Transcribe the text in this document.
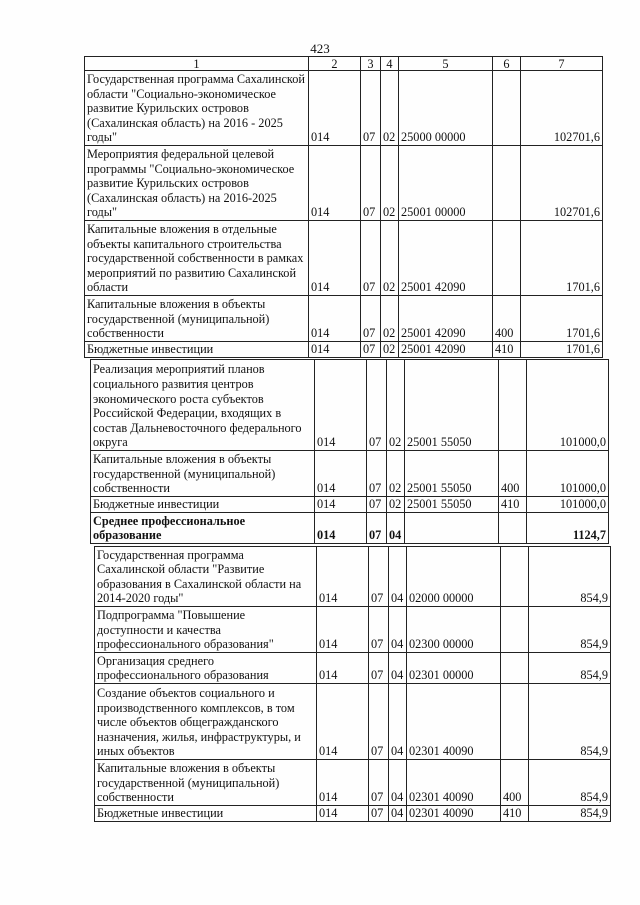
423
1	2	3	4	5	6	7
Государственная программа Сахалинской области "Социально-экономическое развитие Курильских островов (Сахалинская область) на 2016 - 2025 годы"	014	07	02	25000 00000		102701,6
Мероприятия федеральной целевой программы "Социально-экономическое развитие Курильских островов (Сахалинская область) на 2016-2025 годы"	014	07	02	25001 00000		102701,6
Капитальные вложения в отдельные объекты капитального строительства государственной собственности в рамках мероприятий по развитию Сахалинской области	014	07	02	25001 42090		1701,6
Капитальные вложения в объекты государственной (муниципальной) собственности	014	07	02	25001 42090	400	1701,6
Бюджетные инвестиции	014	07	02	25001 42090	410	1701,6
Реализация мероприятий планов социального развития центров экономического роста субъектов Российской Федерации, входящих в состав Дальневосточного федерального округа	014	07	02	25001 55050		101000,0
Капитальные вложения в объекты государственной (муниципальной) собственности	014	07	02	25001 55050	400	101000,0
Бюджетные инвестиции	014	07	02	25001 55050	410	101000,0
Среднее профессиональное образование	014	07	04			1124,7
Государственная программа Сахалинской области "Развитие образования в Сахалинской области на 2014-2020 годы"	014	07	04	02000 00000		854,9
Подпрограмма "Повышение доступности и качества профессионального образования"	014	07	04	02300 00000		854,9
Организация среднего профессионального образования	014	07	04	02301 00000		854,9
Создание объектов социального и производственного комплексов, в том числе объектов общегражданского назначения, жилья, инфраструктуры, и иных объектов	014	07	04	02301 40090		854,9
Капитальные вложения в объекты государственной (муниципальной) собственности	014	07	04	02301 40090	400	854,9
Бюджетные инвестиции	014	07	04	02301 40090	410	854,9
